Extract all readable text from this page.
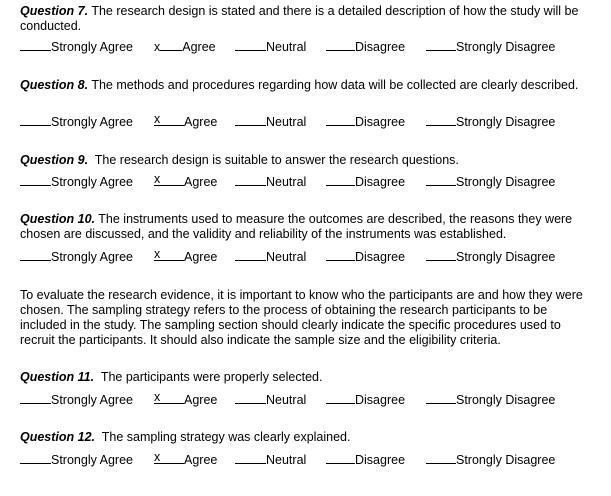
Question 7. The research design is stated and there is a detailed description of how the study will be conducted.

Strongly Agree x Agree	Neutral	Disagree	Strongly Disagree

Question 8. The methods and procedures regarding how data will be collected are clearly described.

Strongly Agree x Agree	Neutral	Disagree	Strongly Disagree

Question 9.  The research design is suitable to answer the research questions.

Strongly Agree x Agree	Neutral	Disagree	Strongly Disagree

Question 10. The instruments used to measure the outcomes are described, the reasons they were chosen are discussed, and the validity and reliability of the instruments was established.

Strongly Agree x Agree	Neutral	Disagree	Strongly Disagree

To evaluate the research evidence, it is important to know who the participants are and how they were chosen. The sampling strategy refers to the process of obtaining the research participants to be included in the study. The sampling section should clearly indicate the specific procedures used to recruit the participants. It should also indicate the sample size and the eligibility criteria.

Question 11.  The participants were properly selected.

Strongly Agree x Agree	Neutral	Disagree	Strongly Disagree

Question 12.  The sampling strategy was clearly explained.

Strongly Agree x Agree	Neutral	Disagree	Strongly Disagree
